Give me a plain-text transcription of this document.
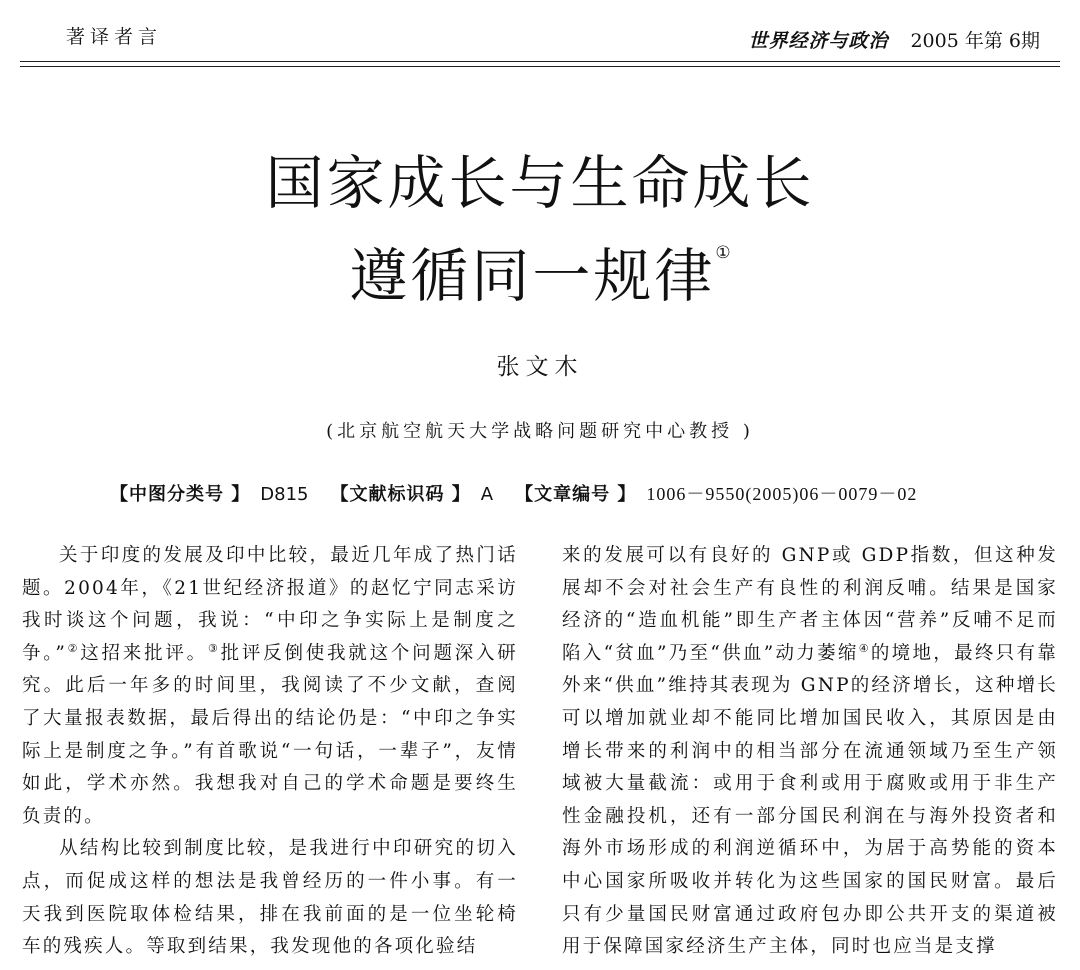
著译者言	世界经济与政治 2005 年第 6期
国家成长与生命成长
遵循同一规律①
张文木
(北京航空航天大学战略问题研究中心教授 )
【中图分类号 】 D815 【文献标识码 】 A 【文章编号 】 1006－9550(2005)06－0079－02

关于印度的发展及印中比较，最近几年成了热门话题。2004年，《21世纪经济报道》的赵忆宁同志采访我时谈这个问题，我说：“中印之争实际上是制度之争。”②这招来批评。③批评反倒使我就这个问题深入研究。此后一年多的时间里，我阅读了不少文献，查阅了大量报表数据，最后得出的结论仍是：“中印之争实际上是制度之争。”有首歌说“一句话，一辈子”，友情如此，学术亦然。我想我对自己的学术命题是要终生负责的。

从结构比较到制度比较，是我进行中印研究的切入点，而促成这样的想法是我曾经历的一件小事。有一天我到医院取体检结果，排在我前面的是一位坐轮椅车的残疾人。等取到结果，我发现他的各项化验结

来的发展可以有良好的 GNP或 GDP指数，但这种发展却不会对社会生产有良性的利润反哺。结果是国家经济的“造血机能”即生产者主体因“营养”反哺不足而陷入“贫血”乃至“供血”动力萎缩④的境地，最终只有靠外来“供血”维持其表现为 GNP的经济增长，这种增长可以增加就业却不能同比增加国民收入，其原因是由增长带来的利润中的相当部分在流通领域乃至生产领域被大量截流：或用于食利或用于腐败或用于非生产性金融投机，还有一部分国民利润在与海外投资者和海外市场形成的利润逆循环中，为居于高势能的资本中心国家所吸收并转化为这些国家的国民财富。最后只有少量国民财富通过政府包办即公共开支的渠道被用于保障国家经济生产主体，同时也应当是支撑
